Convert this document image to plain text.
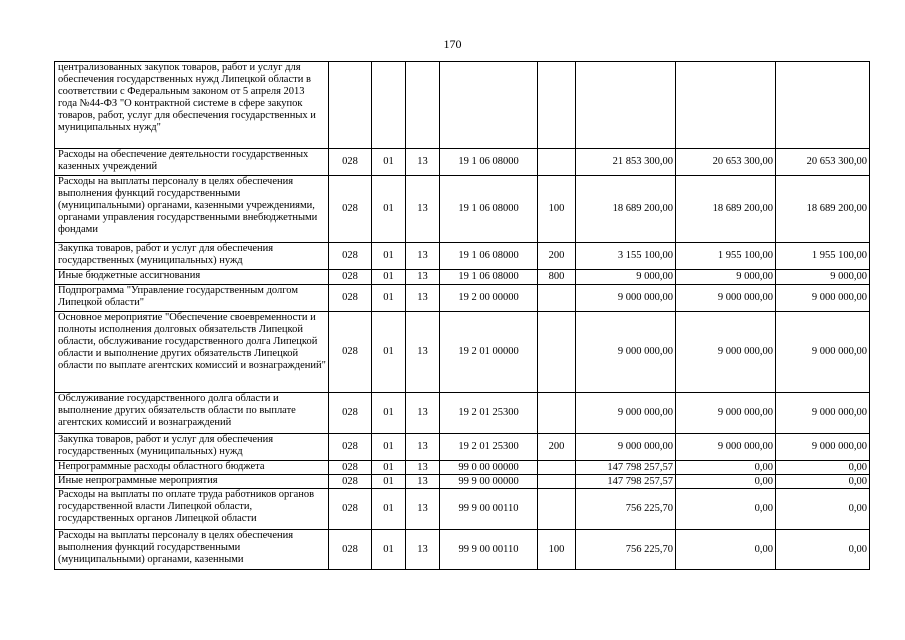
170
централизованных закупок товаров, работ и услуг для обеспечения государственных нужд Липецкой области в соответствии с Федеральным законом от 5 апреля 2013 года №44-ФЗ "О контрактной системе в сфере закупок товаров, работ, услуг для обеспечения государственных и муниципальных нужд"								
Расходы на обеспечение деятельности государственных казенных учреждений	028	01	13	19 1 06 08000		21 853 300,00	20 653 300,00	20 653 300,00
Расходы на выплаты персоналу в целях обеспечения выполнения функций государственными (муниципальными) органами, казенными учреждениями, органами управления государственными внебюджетными фондами	028	01	13	19 1 06 08000	100	18 689 200,00	18 689 200,00	18 689 200,00
Закупка товаров, работ и услуг для обеспечения государственных (муниципальных) нужд	028	01	13	19 1 06 08000	200	3 155 100,00	1 955 100,00	1 955 100,00
Иные бюджетные ассигнования	028	01	13	19 1 06 08000	800	9 000,00	9 000,00	9 000,00
Подпрограмма "Управление государственным долгом Липецкой области"	028	01	13	19 2 00 00000		9 000 000,00	9 000 000,00	9 000 000,00
Основное мероприятие "Обеспечение своевременности и полноты исполнения долговых обязательств Липецкой области, обслуживание государственного долга Липецкой области и выполнение других обязательств Липецкой области по выплате агентских комиссий и вознаграждений"	028	01	13	19 2 01 00000		9 000 000,00	9 000 000,00	9 000 000,00
Обслуживание государственного долга области и выполнение других обязательств области по выплате агентских комиссий и вознаграждений	028	01	13	19 2 01 25300		9 000 000,00	9 000 000,00	9 000 000,00
Закупка товаров, работ и услуг для обеспечения государственных (муниципальных) нужд	028	01	13	19 2 01 25300	200	9 000 000,00	9 000 000,00	9 000 000,00
Непрограммные расходы областного бюджета	028	01	13	99 0 00 00000		147 798 257,57	0,00	0,00
Иные непрограммные мероприятия	028	01	13	99 9 00 00000		147 798 257,57	0,00	0,00
Расходы на выплаты по оплате труда работников органов государственной власти Липецкой области, государственных органов Липецкой области	028	01	13	99 9 00 00110		756 225,70	0,00	0,00
Расходы на выплаты персоналу в целях обеспечения выполнения функций государственными (муниципальными) органами, казенными	028	01	13	99 9 00 00110	100	756 225,70	0,00	0,00
